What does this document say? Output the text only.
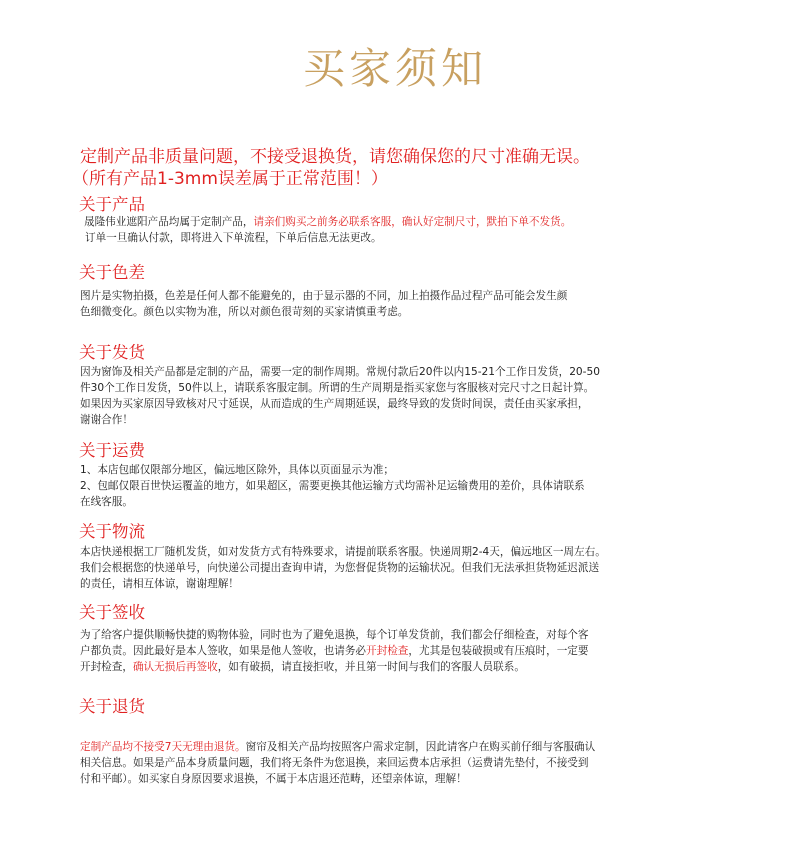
买家须知
定制产品非质量问题，不接受退换货，请您确保您的尺寸准确无误。
（所有产品1-3mm误差属于正常范围！）
关于产品
晟隆伟业遮阳产品均属于定制产品，请亲们购买之前务必联系客服，确认好定制尺寸，默拍下单不发货。
订单一旦确认付款，即将进入下单流程，下单后信息无法更改。
关于色差
图片是实物拍摄，色差是任何人都不能避免的，由于显示器的不同，加上拍摄作品过程产品可能会发生颜
色细微变化。颜色以实物为准，所以对颜色很苛刻的买家请慎重考虑。
关于发货
因为窗饰及相关产品都是定制的产品，需要一定的制作周期。常规付款后20件以内15-21个工作日发货，20-50
件30个工作日发货，50件以上，请联系客服定制。所谓的生产周期是指买家您与客服核对完尺寸之日起计算。
如果因为买家原因导致核对尺寸延误，从而造成的生产周期延误，最终导致的发货时间误，责任由买家承担，
谢谢合作！
关于运费
1、本店包邮仅限部分地区，偏远地区除外，具体以页面显示为准；
2、包邮仅限百世快运覆盖的地方，如果超区，需要更换其他运输方式均需补足运输费用的差价，具体请联系
在线客服。
关于物流
本店快递根据工厂随机发货，如对发货方式有特殊要求，请提前联系客服。快递周期2-4天，偏远地区一周左右。
我们会根据您的快递单号，向快递公司提出查询申请，为您督促货物的运输状况。但我们无法承担货物延迟派送
的责任，请相互体谅，谢谢理解！
关于签收
为了给客户提供顺畅快捷的购物体验，同时也为了避免退换，每个订单发货前，我们都会仔细检查，对每个客
户都负责。因此最好是本人签收，如果是他人签收，也请务必开封检查，尤其是包装破损或有压痕时，一定要
开封检查，确认无损后再签收，如有破损，请直接拒收，并且第一时间与我们的客服人员联系。
关于退货
定制产品均不接受7天无理由退货。窗帘及相关产品均按照客户需求定制，因此请客户在购买前仔细与客服确认
相关信息。如果是产品本身质量问题，我们将无条件为您退换，来回运费本店承担（运费请先垫付，不接受到
付和平邮）。如买家自身原因要求退换，不属于本店退还范畴，还望亲体谅，理解！
